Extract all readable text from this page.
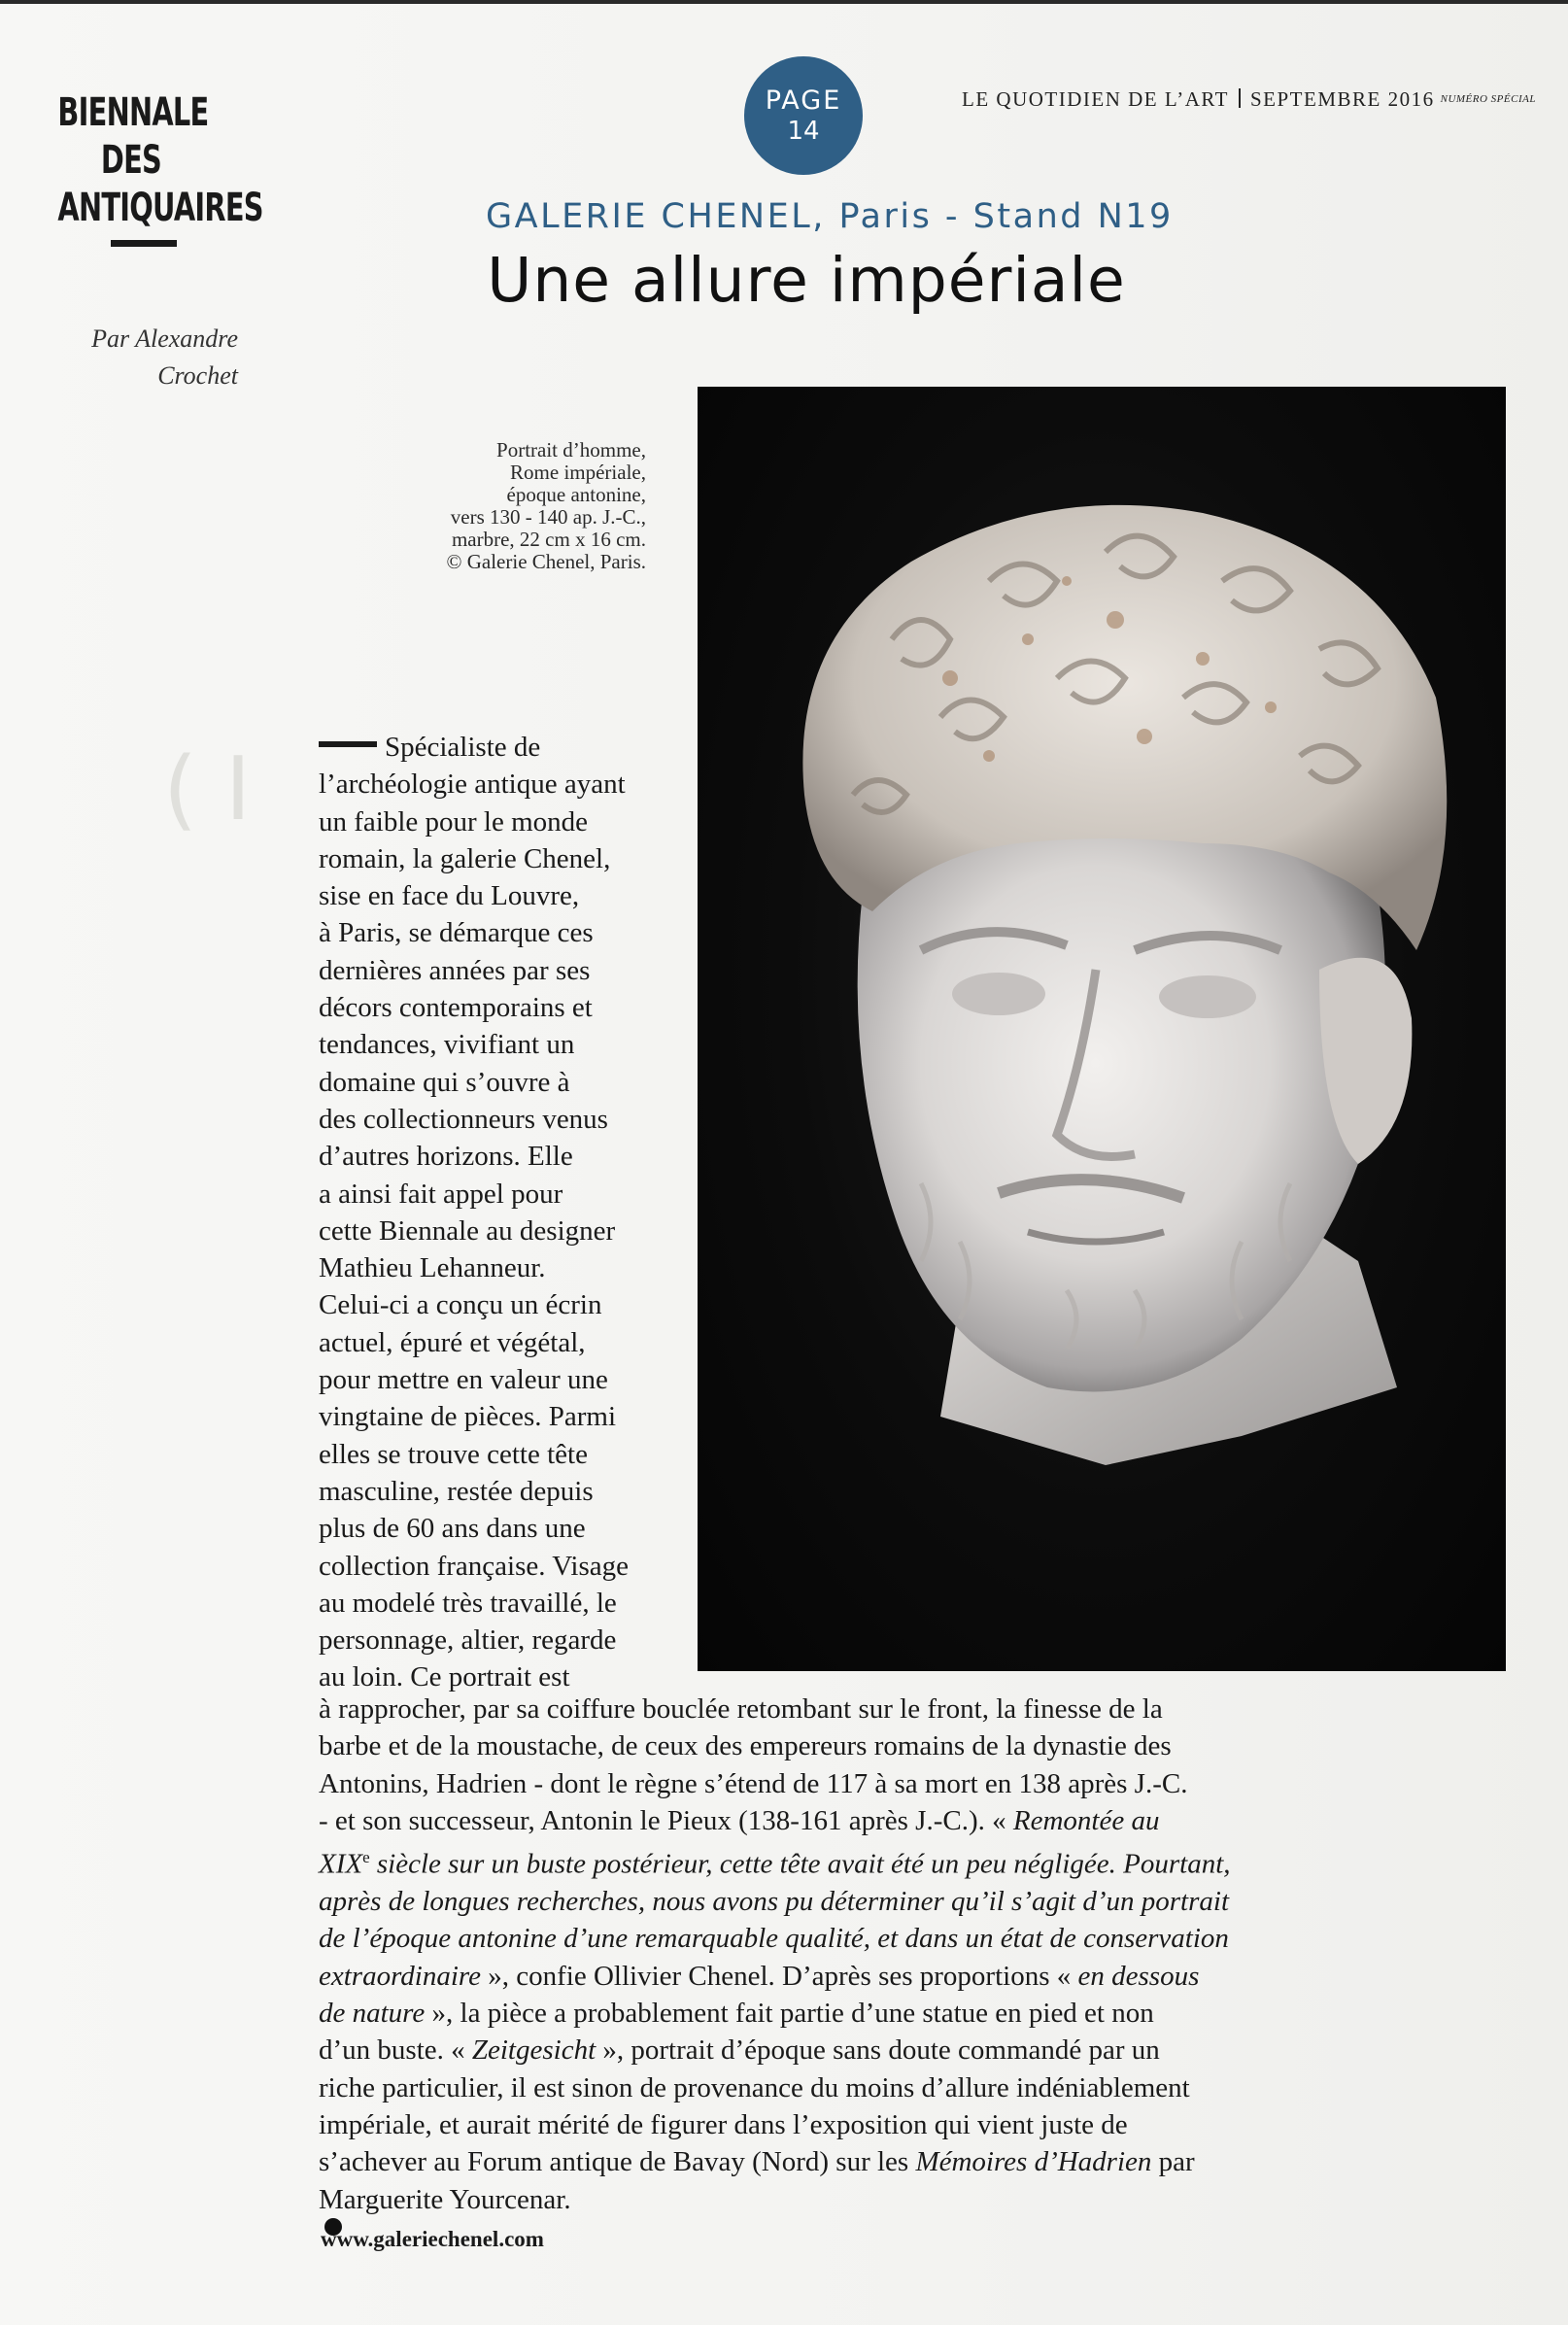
( I
BIENNALE
DES
ANTIQUAIRES
Par Alexandre
Crochet
PAGE
14
LE QUOTIDIEN DE L’ART SEPTEMBRE 2016 NUMÉRO SPÉCIAL
GALERIE CHENEL, Paris - Stand N19
Une allure impériale
Portrait d’homme,
Rome impériale,
époque antonine,
vers 130 - 140 ap. J.-C.,
marbre, 22 cm x 16 cm.
© Galerie Chenel, Paris.
Spécialiste de
l’archéologie antique ayant
un faible pour le monde
romain, la galerie Chenel,
sise en face du Louvre,
à Paris, se démarque ces
dernières années par ses
décors contemporains et
tendances, vivifiant un
domaine qui s’ouvre à
des collectionneurs venus
d’autres horizons. Elle
a ainsi fait appel pour
cette Biennale au designer
Mathieu Lehanneur.
Celui-ci a conçu un écrin
actuel, épuré et végétal,
pour mettre en valeur une
vingtaine de pièces. Parmi
elles se trouve cette tête
masculine, restée depuis
plus de 60 ans dans une
collection française. Visage
au modelé très travaillé, le
personnage, altier, regarde
au loin. Ce portrait est
à rapprocher, par sa coiffure bouclée retombant sur le front, la finesse de la
barbe et de la moustache, de ceux des empereurs romains de la dynastie des
Antonins, Hadrien - dont le règne s’étend de 117 à sa mort en 138 après J.-C.
- et son successeur, Antonin le Pieux (138-161 après J.-C.). « Remontée au
XIXe siècle sur un buste postérieur, cette tête avait été un peu négligée. Pourtant,
après de longues recherches, nous avons pu déterminer qu’il s’agit d’un portrait
de l’époque antonine d’une remarquable qualité, et dans un état de conservation
extraordinaire », confie Ollivier Chenel. D’après ses proportions « en dessous
de nature », la pièce a probablement fait partie d’une statue en pied et non
d’un buste. « Zeitgesicht », portrait d’époque sans doute commandé par un
riche particulier, il est sinon de provenance du moins d’allure indéniablement
impériale, et aurait mérité de figurer dans l’exposition qui vient juste de
s’achever au Forum antique de Bavay (Nord) sur les Mémoires d’Hadrien par
Marguerite Yourcenar.
www.galeriechenel.com
